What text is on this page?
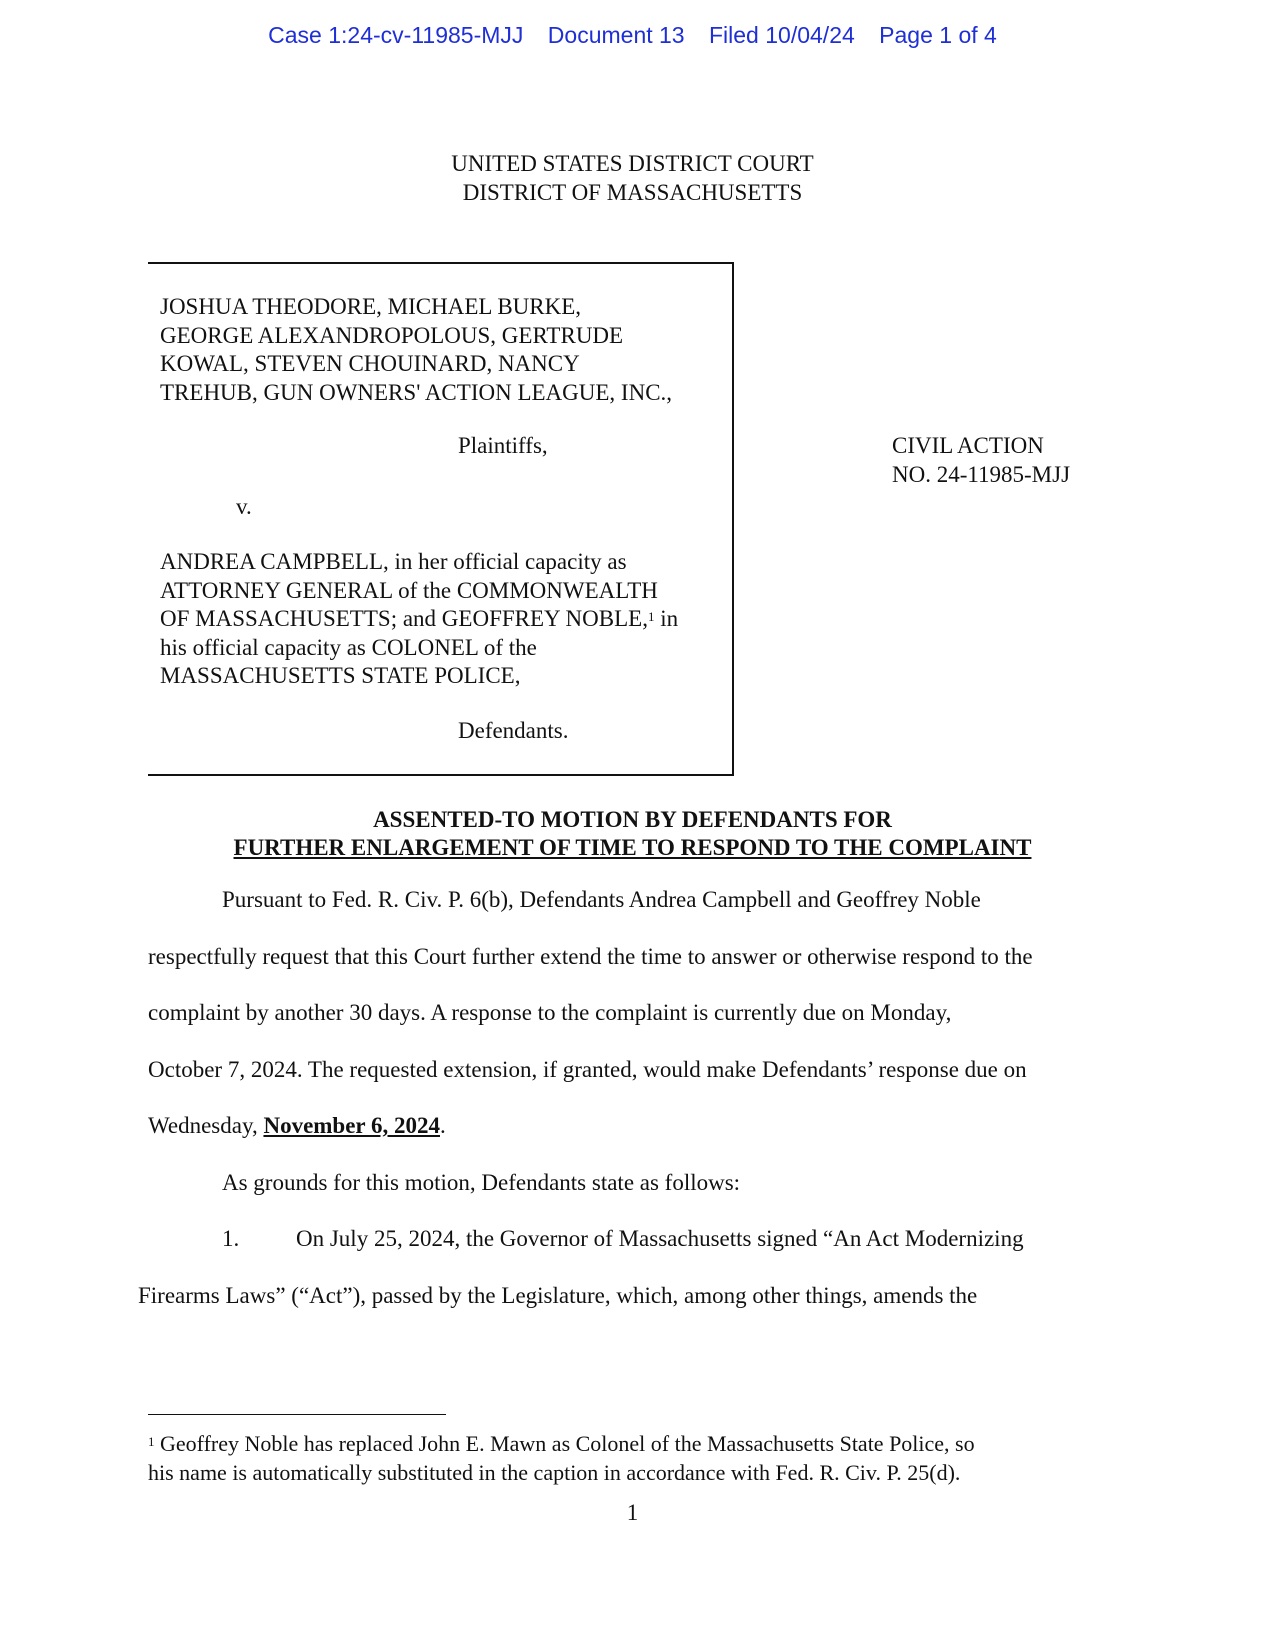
Case 1:24-cv-11985-MJJ Document 13 Filed 10/04/24 Page 1 of 4
UNITED STATES DISTRICT COURT
DISTRICT OF MASSACHUSETTS
JOSHUA THEODORE, MICHAEL BURKE,
GEORGE ALEXANDROPOLOUS, GERTRUDE
KOWAL, STEVEN CHOUINARD, NANCY
TREHUB, GUN OWNERS' ACTION LEAGUE, INC.,
Plaintiffs,
v.
ANDREA CAMPBELL, in her official capacity as
ATTORNEY GENERAL of the COMMONWEALTH
OF MASSACHUSETTS; and GEOFFREY NOBLE,$^1$ in
his official capacity as COLONEL of the
MASSACHUSETTS STATE POLICE,
Defendants.
CIVIL ACTION
NO. 24-11985-MJJ
ASSENTED-TO MOTION BY DEFENDANTS FOR
FURTHER ENLARGEMENT OF TIME TO RESPOND TO THE COMPLAINT
Pursuant to Fed. R. Civ. P. 6(b), Defendants Andrea Campbell and Geoffrey Noble
respectfully request that this Court further extend the time to answer or otherwise respond to the
complaint by another 30 days. A response to the complaint is currently due on Monday,
October 7, 2024. The requested extension, if granted, would make Defendants’ response due on
Wednesday, November 6, 2024.
As grounds for this motion, Defendants state as follows:
1. On July 25, 2024, the Governor of Massachusetts signed “An Act Modernizing
Firearms Laws” (“Act”), passed by the Legislature, which, among other things, amends the
$^1$ Geoffrey Noble has replaced John E. Mawn as Colonel of the Massachusetts State Police, so
his name is automatically substituted in the caption in accordance with Fed. R. Civ. P. 25(d).
1
